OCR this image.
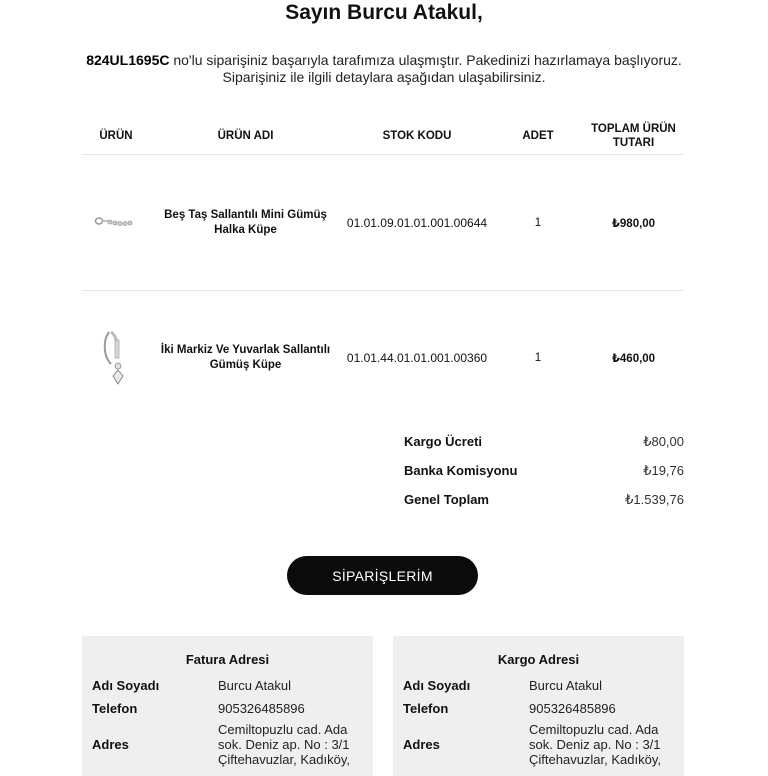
Sayın Burcu Atakul,
824UL1695C no'lu siparişiniz başarıyla tarafımıza ulaşmıştır. Pakedinizi hazırlamaya başlıyoruz.
Siparişiniz ile ilgili detaylara aşağıdan ulaşabilirsiniz.
ÜRÜN	ÜRÜN ADI	STOK KODU	ADET	TOPLAM ÜRÜN TUTARI
	Beş Taş Sallantılı Mini Gümüş Halka Küpe	01.01.09.01.01.001.00644	1	₺980,00
	İki Markiz Ve Yuvarlak Sallantılı Gümüş Küpe	01.01.44.01.01.001.00360	1	₺460,00
Kargo Ücreti	₺80,00
Banka Komisyonu	₺19,76
Genel Toplam	₺1.539,76
SİPARİŞLERİM
Fatura Adresi
Adı Soyadı	Burcu Atakul
Telefon	905326485896
Adres
Cemiltopuzlu cad. Ada sok. Deniz ap. No : 3/1 Çiftehavuzlar, Kadıköy,
Kargo Adresi
Adı Soyadı	Burcu Atakul
Telefon	905326485896
Adres
Cemiltopuzlu cad. Ada sok. Deniz ap. No : 3/1 Çiftehavuzlar, Kadıköy,
